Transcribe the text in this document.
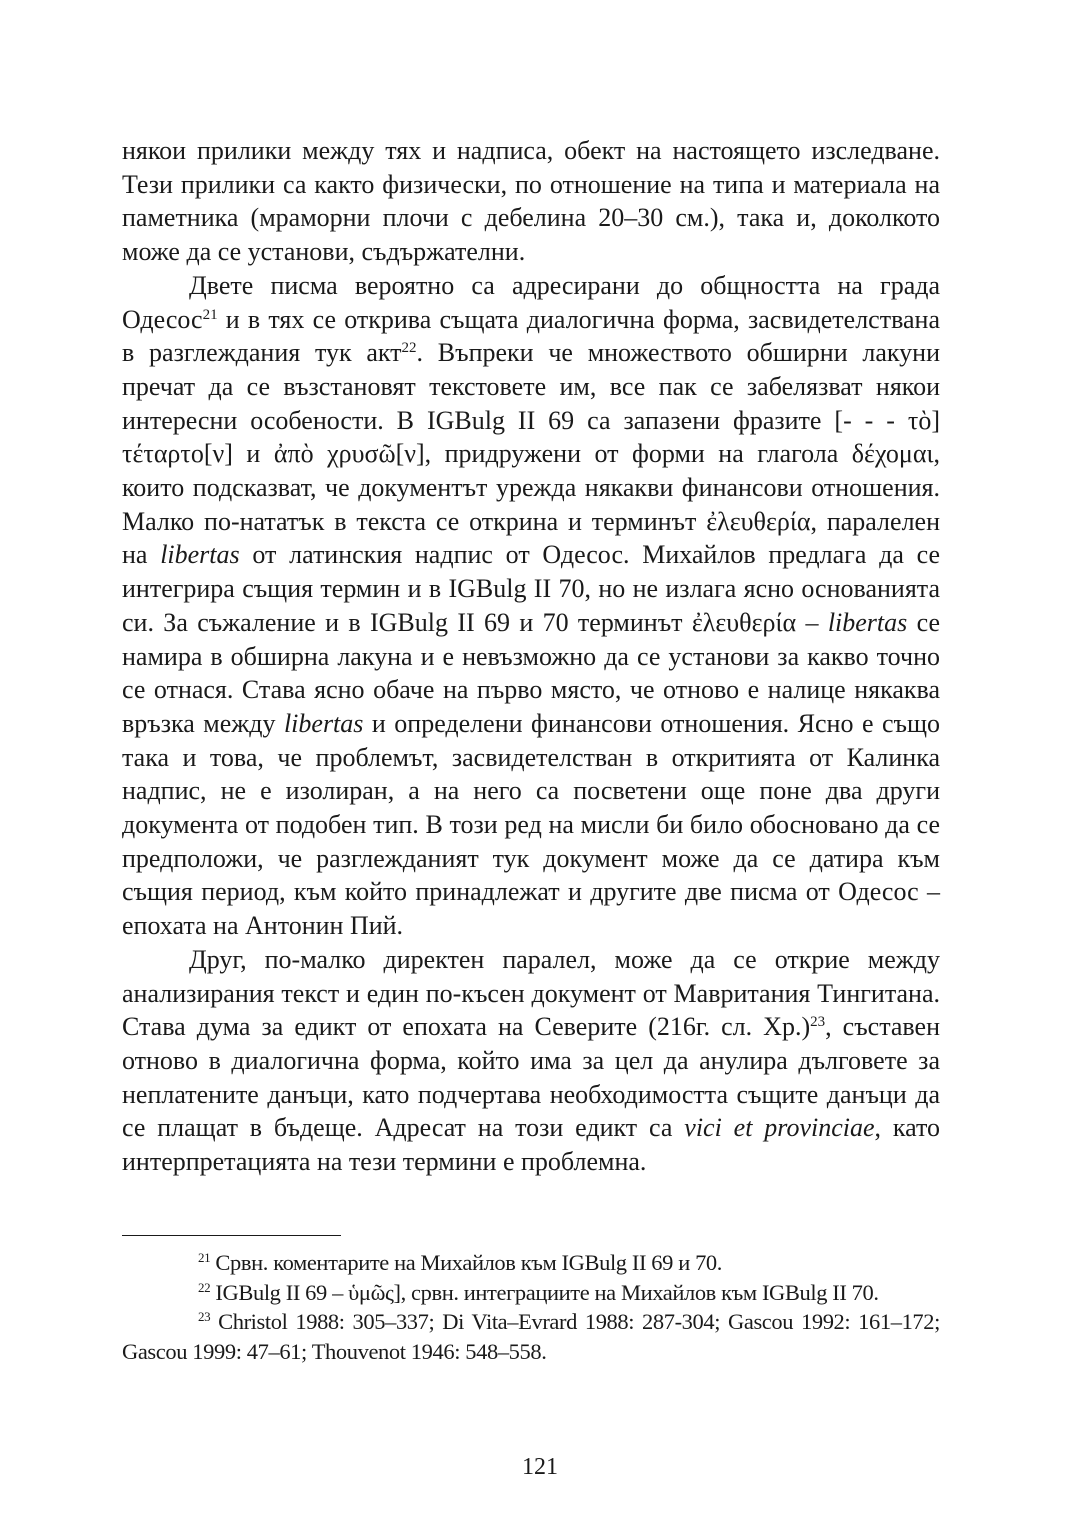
някои прилики между тях и надписа, обект на настоящето изследване. Тези прилики са както физически, по отношение на типа и материала на паметника (мраморни плочи с дебелина 20–30 см.), така и, доколкото може да се установи, съдържателни.

Двете писма вероятно са адресирани до общността на града Одесос$^{21}$ и в тях се открива същата диалогична форма, засвидетелствана в разглеждания тук акт$^{22}$. Въпреки че множеството обширни лакуни пречат да се възстановят текстовете им, все пак се забелязват някои интересни особености. В IGBulg II 69 са запазени фразите [- - - τὸ] τέταρτο[ν] и ἀπὸ χρυσῶ[ν], придружени от форми на глагола δέχομαι, които подсказват, че документът урежда някакви финансови отношения. Малко по-нататък в текста се открина и терминът ἐλευθερία, паралелен на libertas от латинския надпис от Одесос. Михайлов предлага да се интегрира същия термин и в IGBulg II 70, но не излага ясно основанията си. За съжаление и в IGBulg II 69 и 70 терминът ἐλευθερία – libertas се намира в обширна лакуна и е невъзможно да се установи за какво точно се отнася. Става ясно обаче на първо място, че отново е налице някаква връзка между libertas и определени финансови отношения. Ясно е също така и това, че проблемът, засвидетелстван в откритията от Калинка надпис, не е изолиран, а на него са посветени още поне два други документа от подобен тип. В този ред на мисли би било обосновано да се предположи, че разглежданият тук документ може да се датира към същия период, към който принадлежат и другите две писма от Одесос – епохата на Антонин Пий.

Друг, по-малко директен паралел, може да се открие между анализирания текст и един по-късен документ от Мавритания Тингитана. Става дума за едикт от епохата на Северите (216г. сл. Хр.)$^{23}$, съставен отново в диалогична форма, който има за цел да анулира дълговете за неплатените данъци, като подчертава необходимостта същите данъци да се плащат в бъдеще. Адресат на този едикт са vici et provinciae, като интерпретацията на тези термини е проблемна.

$^{21}$ Срвн. коментарите на Михайлов към IGBulg II 69 и 70.

$^{22}$ IGBulg II 69 – ὑμῶς], срвн. интеграциите на Михайлов към IGBulg II 70.

$^{23}$ Christol 1988: 305–337; Di Vita–Evrard 1988: 287-304; Gascou 1992: 161–172; Gascou 1999: 47–61; Thouvenot 1946: 548–558.

121
